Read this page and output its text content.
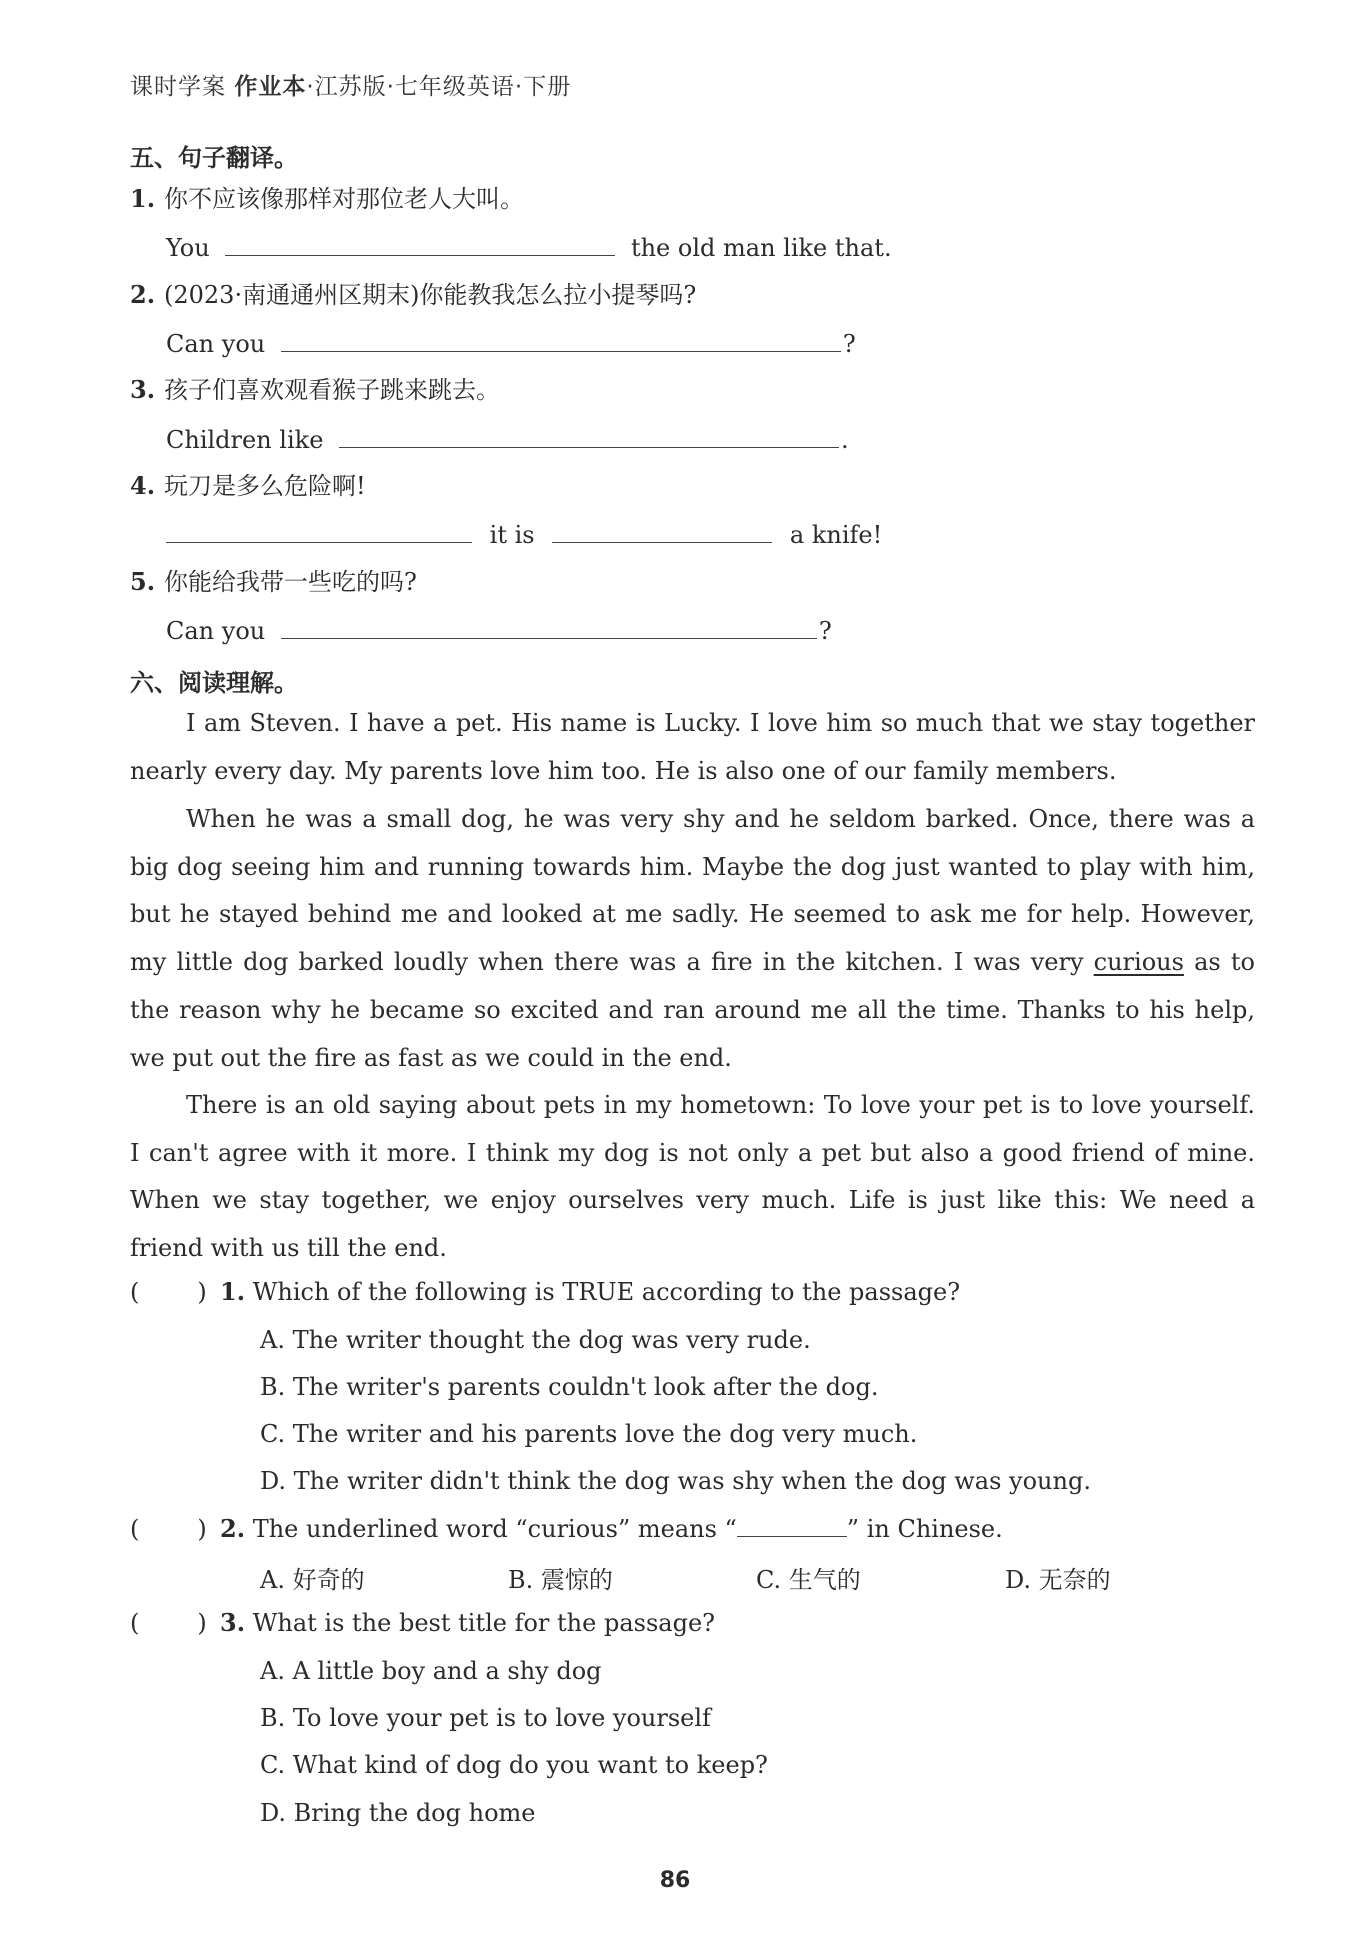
课时学案 作业本·江苏版·七年级英语·下册
五、句子翻译。
1. 你不应该像那样对那位老人大叫。
You	the old man like that.
2. (2023·南通通州区期末)你能教我怎么拉小提琴吗?
Can you	?
3. 孩子们喜欢观看猴子跳来跳去。
Children like	.
4. 玩刀是多么危险啊!
it is	a knife!
5. 你能给我带一些吃的吗?
Can you	?
六、阅读理解。
I am Steven. I have a pet. His name is Lucky. I love him so much that we stay together nearly every day. My parents love him too. He is also one of our family members.
When he was a small dog, he was very shy and he seldom barked. Once, there was a big dog seeing him and running towards him. Maybe the dog just wanted to play with him, but he stayed behind me and looked at me sadly. He seemed to ask me for help. However, my little dog barked loudly when there was a fire in the kitchen. I was very curious as to the reason why he became so excited and ran around me all the time. Thanks to his help, we put out the fire as fast as we could in the end.
There is an old saying about pets in my hometown: To love your pet is to love yourself. I can't agree with it more. I think my dog is not only a pet but also a good friend of mine. When we stay together, we enjoy ourselves very much. Life is just like this: We need a friend with us till the end.
( ) 1. Which of the following is TRUE according to the passage?
A. The writer thought the dog was very rude.
B. The writer's parents couldn't look after the dog.
C. The writer and his parents love the dog very much.
D. The writer didn't think the dog was shy when the dog was young.
( ) 2. The underlined word “curious” means “	” in Chinese.
A. 好奇的	B. 震惊的	C. 生气的	D. 无奈的
( ) 3. What is the best title for the passage?
A. A little boy and a shy dog
B. To love your pet is to love yourself
C. What kind of dog do you want to keep?
D. Bring the dog home
86
